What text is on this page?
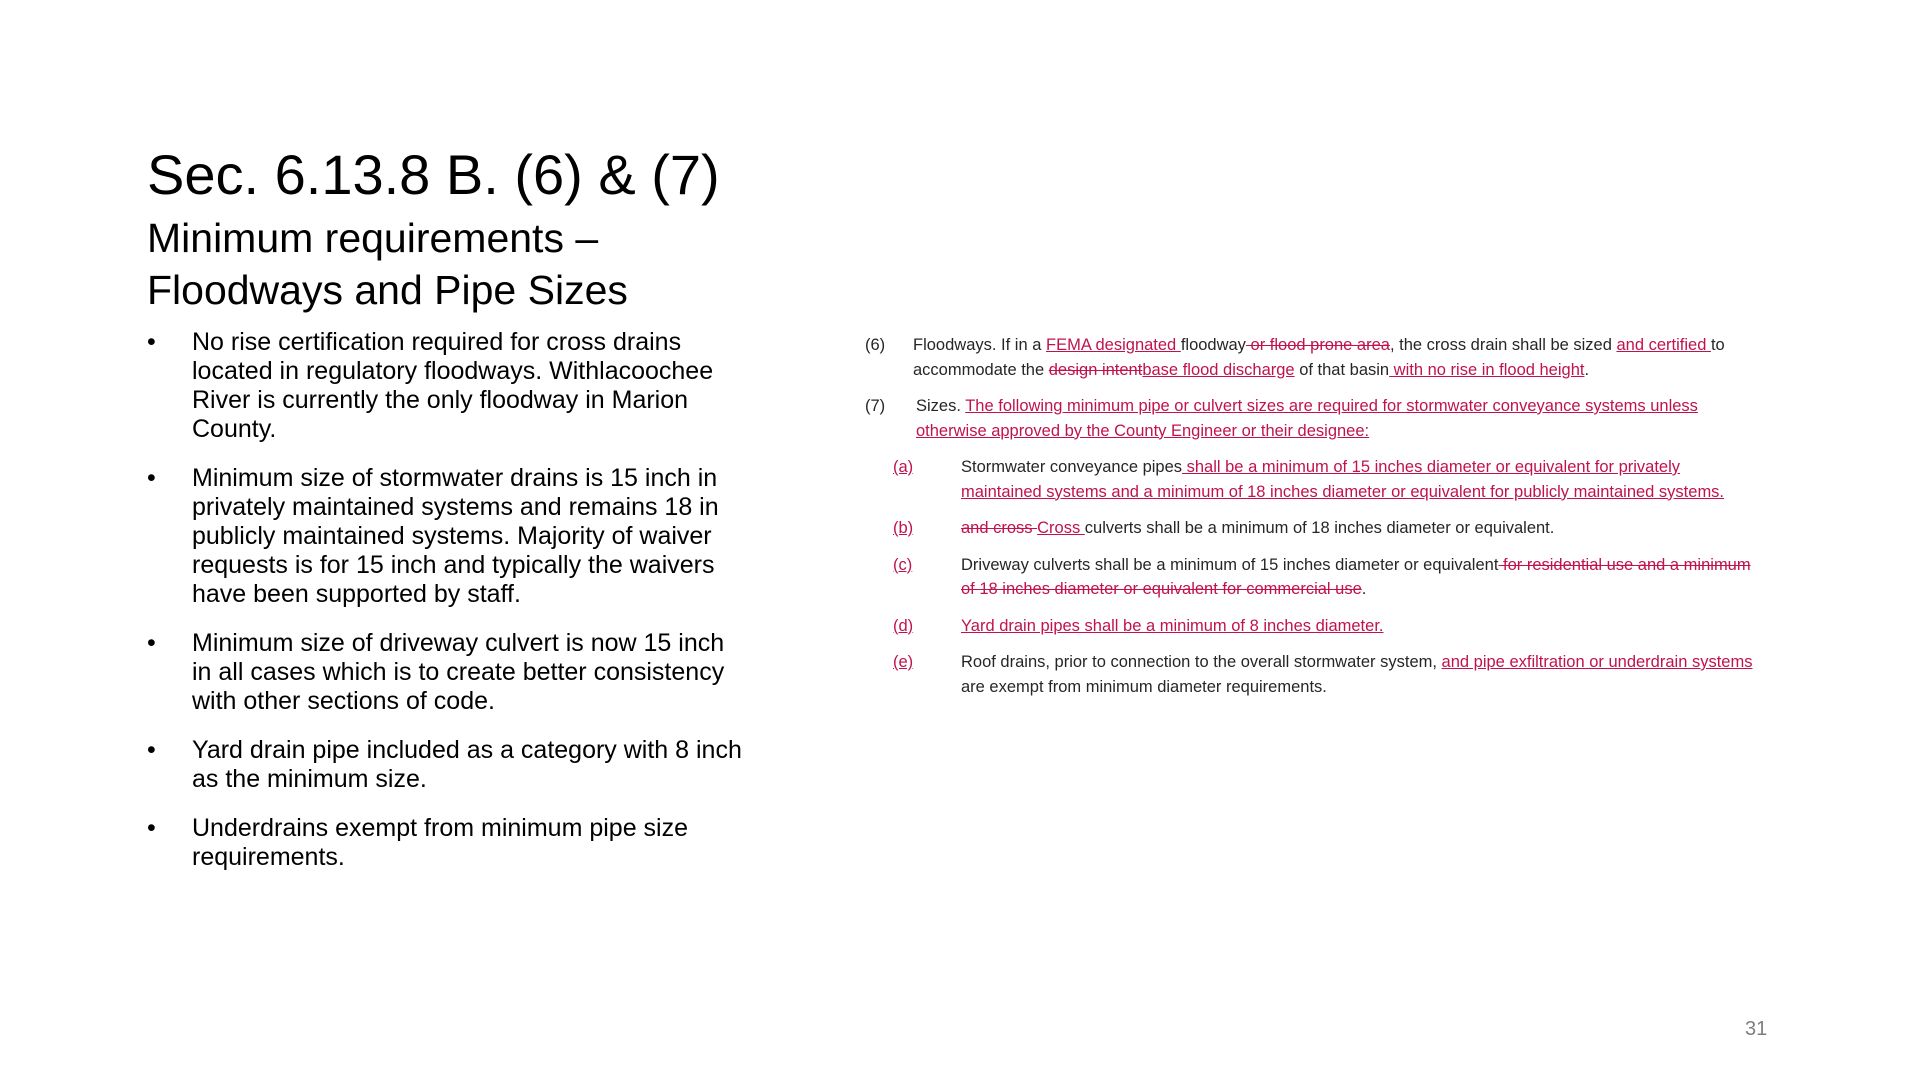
Sec. 6.13.8 B. (6) & (7)
Minimum requirements – Floodways and Pipe Sizes
• No rise certification required for cross drains located in regulatory floodways. Withlacoochee River is currently the only floodway in Marion County.
• Minimum size of stormwater drains is 15 inch in privately maintained systems and remains 18 in publicly maintained systems. Majority of waiver requests is for 15 inch and typically the waivers have been supported by staff.
• Minimum size of driveway culvert is now 15 inch in all cases which is to create better consistency with other sections of code.
• Yard drain pipe included as a category with 8 inch as the minimum size.
• Underdrains exempt from minimum pipe size requirements.
(6) Floodways. If in a FEMA designated floodway or flood prone area, the cross drain shall be sized and certified to accommodate the design intentbase flood discharge of that basin with no rise in flood height.
(7) Sizes. The following minimum pipe or culvert sizes are required for stormwater conveyance systems unless otherwise approved by the County Engineer or their designee:
(a)	Stormwater conveyance pipes shall be a minimum of 15 inches diameter or equivalent for privately maintained systems and a minimum of 18 inches diameter or equivalent for publicly maintained systems.
(b)	and cross Cross culverts shall be a minimum of 18 inches diameter or equivalent.
(c)	Driveway culverts shall be a minimum of 15 inches diameter or equivalent for residential use and a minimum of 18 inches diameter or equivalent for commercial use.
(d)	Yard drain pipes shall be a minimum of 8 inches diameter.
(e)	Roof drains, prior to connection to the overall stormwater system, and pipe exfiltration or underdrain systems are exempt from minimum diameter requirements.
31
